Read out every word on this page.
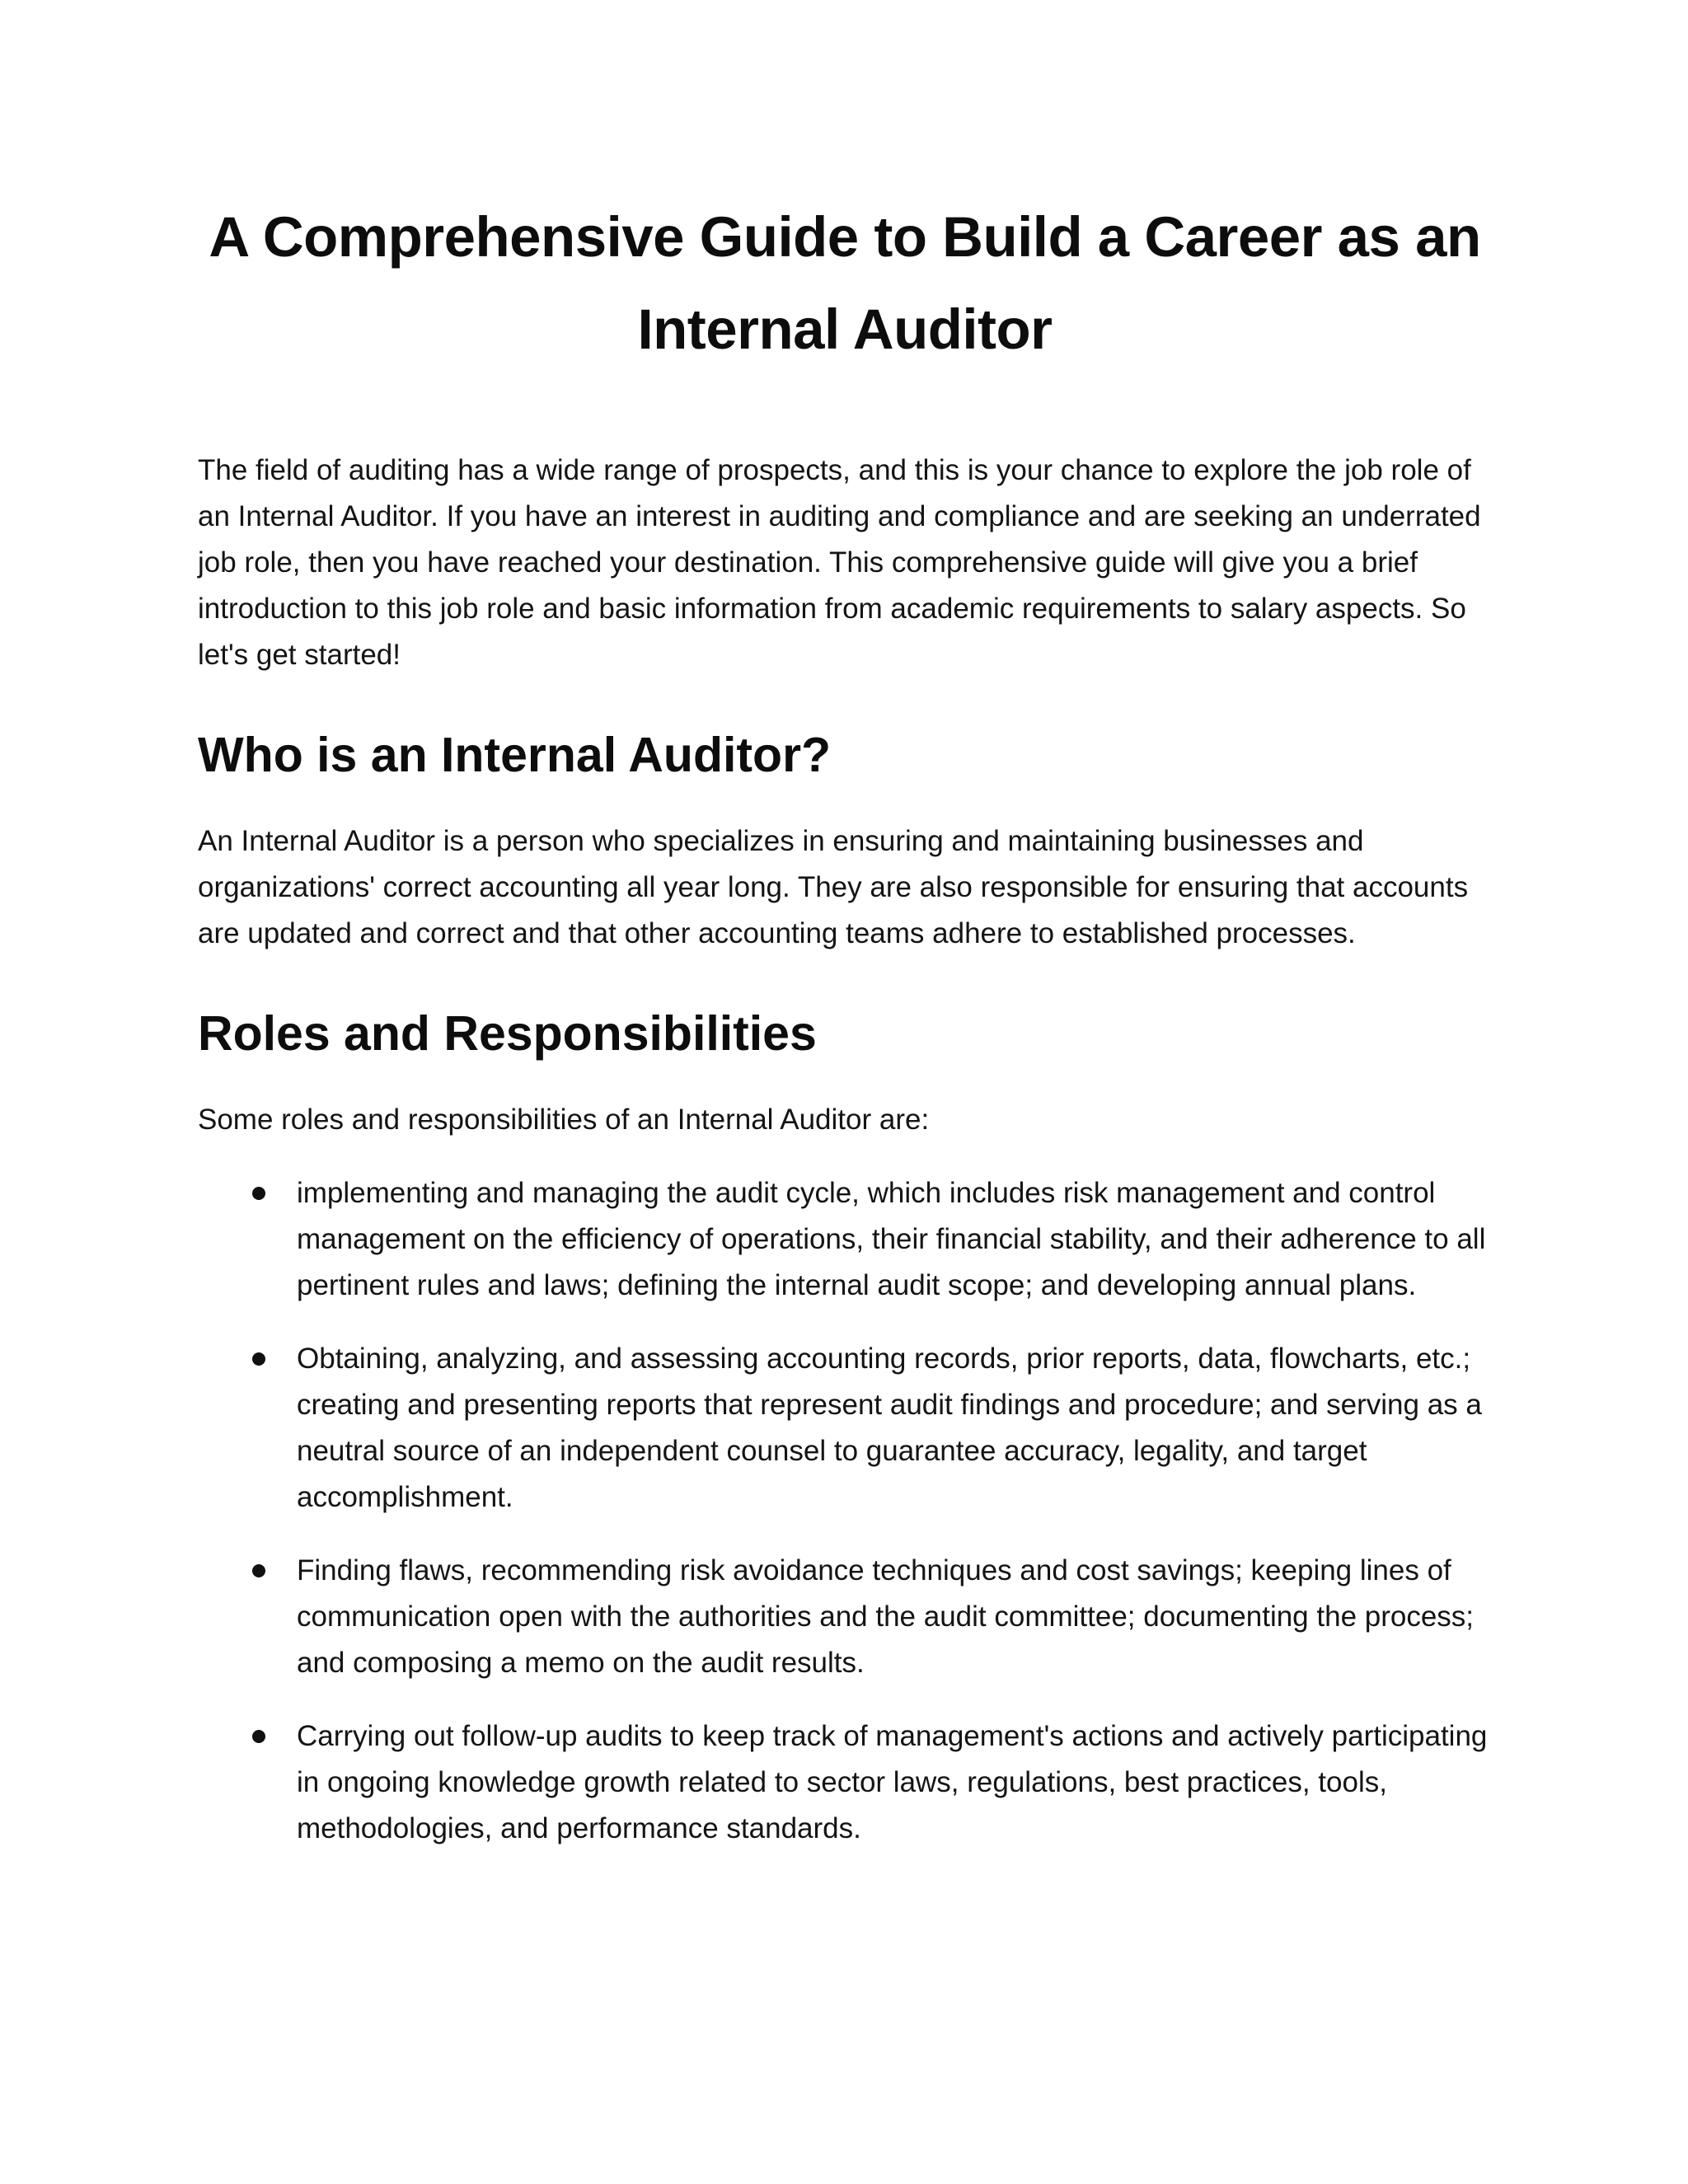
A Comprehensive Guide to Build a Career as an Internal Auditor

The field of auditing has a wide range of prospects, and this is your chance to explore the job role of an Internal Auditor. If you have an interest in auditing and compliance and are seeking an underrated job role, then you have reached your destination. This comprehensive guide will give you a brief introduction to this job role and basic information from academic requirements to salary aspects. So let's get started!

Who is an Internal Auditor?

An Internal Auditor is a person who specializes in ensuring and maintaining businesses and organizations' correct accounting all year long. They are also responsible for ensuring that accounts are updated and correct and that other accounting teams adhere to established processes.

Roles and Responsibilities

Some roles and responsibilities of an Internal Auditor are:

implementing and managing the audit cycle, which includes risk management and control management on the efficiency of operations, their financial stability, and their adherence to all pertinent rules and laws; defining the internal audit scope; and developing annual plans.
Obtaining, analyzing, and assessing accounting records, prior reports, data, flowcharts, etc.; creating and presenting reports that represent audit findings and procedure; and serving as a neutral source of an independent counsel to guarantee accuracy, legality, and target accomplishment.
Finding flaws, recommending risk avoidance techniques and cost savings; keeping lines of communication open with the authorities and the audit committee; documenting the process; and composing a memo on the audit results.
Carrying out follow-up audits to keep track of management's actions and actively participating in ongoing knowledge growth related to sector laws, regulations, best practices, tools, methodologies, and performance standards.
